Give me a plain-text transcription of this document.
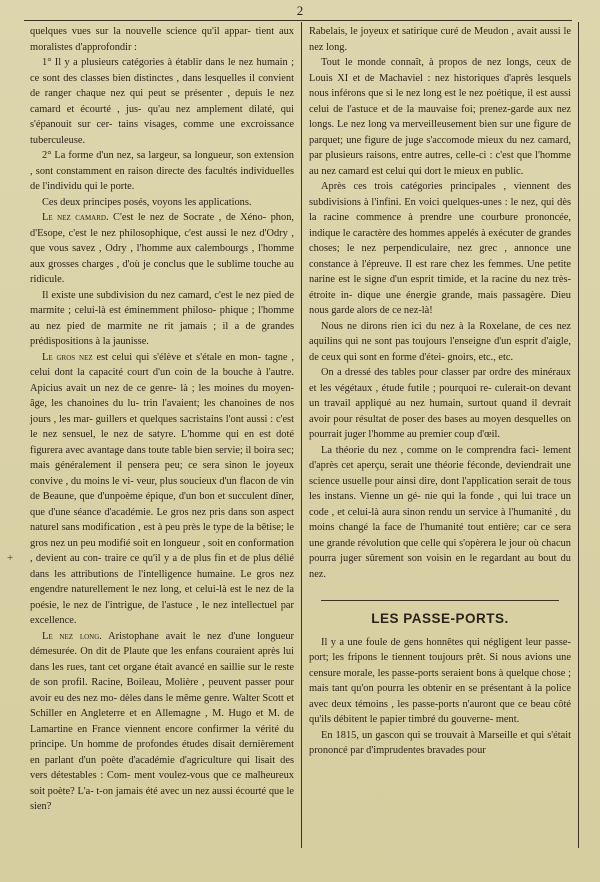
2
+

quelques vues sur la nouvelle science qu'il appar- tient aux moralistes d'approfondir :

1° Il y a plusieurs catégories à établir dans le nez humain ; ce sont des classes bien distinctes , dans lesquelles il convient de ranger chaque nez qui peut se présenter , depuis le nez camard et écourté , jus- qu'au nez amplement dilaté, qui s'épanouit sur cer- tains visages, comme une excroissance tuberculeuse.

2° La forme d'un nez, sa largeur, sa longueur, son extension , sont constamment en raison directe des facultés individuelles de l'individu qui le porte.

Ces deux principes posés, voyons les applications.

Le nez camard. C'est le nez de Socrate , de Xéno- phon, d'Esope, c'est le nez philosophique, c'est aussi le nez d'Odry , que vous savez , Odry , l'homme aux calembourgs , l'homme aux grosses charges , d'où je conclus que le sublime touche au ridicule.

Il existe une subdivision du nez camard, c'est le nez pied de marmite ; celui-là est éminemment philoso- phique ; l'homme au nez pied de marmite ne rit jamais ; il a de grandes prédispositions à la jaunisse.

Le gros nez est celui qui s'élève et s'étale en mon- tagne , celui dont la capacité court d'un coin de la bouche à l'autre. Apicius avait un nez de ce genre- là ; les moines du moyen-âge, les chanoines du lu- trin l'avaient; les chanoines de nos jours , les mar- guillers et quelques sacristains l'ont aussi : c'est le nez sensuel, le nez de satyre. L'homme qui en est doté figurera avec avantage dans toute table bien servie; il boira sec; mais généralement il pensera peu; ce sera sinon le joyeux convive , du moins le vi- veur, plus soucieux d'un flacon de vin de Beaune, que d'unpoème épique, d'un bon et succulent dîner, que d'une séance d'académie. Le gros nez pris dans son aspect naturel sans modification , est à peu près le type de la bêtise; le gros nez un peu modifié soit en longueur , soit en conformation , devient au con- traire ce qu'il y a de plus fin et de plus délié dans les attributions de l'intelligence humaine. Le gros nez engendre naturellement le nez long, et celui-là est le nez de la poésie, le nez de l'intrigue, de l'astuce , le nez intellectuel par excellence.

Le nez long. Aristophane avait le nez d'une longueur démesurée. On dit de Plaute que les enfans couraient après lui dans les rues, tant cet organe était avancé en saillie sur le reste de son profil. Racine, Boileau, Molière , peuvent passer pour avoir eu des nez mo- dèles dans le même genre. Walter Scott et Schiller en Angleterre et en Allemagne , M. Hugo et M. de Lamartine en France viennent encore confirmer la vérité du principe. Un homme de profondes études disait dernièrement en parlant d'un poète d'académie d'agriculture qui lisait des vers détestables : Com- ment voulez-vous que ce malheureux soit poète? L'a- t-on jamais été avec un nez aussi écourté que le sien?

Rabelais, le joyeux et satirique curé de Meudon , avait aussi le nez long.

Tout le monde connaît, à propos de nez longs, ceux de Louis XI et de Machaviel : nez historiques d'après lesquels nous inférons que si le nez long est le nez poétique, il est aussi celui de l'astuce et de la mauvaise foi; prenez-garde aux nez longs. Le nez long va merveilleusement bien sur une figure de parquet; une figure de juge s'accomode mieux du nez camard, par plusieurs raisons, entre autres, celle-ci : c'est que l'homme au nez camard est celui qui dort le mieux en public.

Après ces trois catégories principales , viennent des subdivisions à l'infini. En voici quelques-unes : le nez, qui dès la racine commence à prendre une courbure prononcée, indique le caractère des hommes appelés à exécuter de grandes choses; le nez perpendiculaire, nez grec , annonce une constance à l'épreuve. Il est rare chez les femmes. Une petite narine est le signe d'un esprit timide, et la racine du nez très-étroite in- dique une énergie grande, mais passagère. Dieu nous garde alors de ce nez-là!

Nous ne dirons rien ici du nez à la Roxelane, de ces nez aquilins qui ne sont pas toujours l'enseigne d'un esprit d'aigle, de ceux qui sont en forme d'étei- gnoirs, etc., etc.

On a dressé des tables pour classer par ordre des minéraux et les végétaux , étude futile ; pourquoi re- culerait-on devant un travail appliqué au nez humain, surtout quand il devrait avoir pour résultat de poser des bases au moyen desquelles on pourrait juger l'homme au premier coup d'œil.

La théorie du nez , comme on le comprendra faci- lement d'après cet aperçu, serait une théorie féconde, deviendrait une science usuelle pour ainsi dire, dont l'application serait de tous les instans. Vienne un gé- nie qui la fonde , qui lui trace un code , et celui-là aura sinon rendu un service à l'humanité , du moins changé la face de l'humanité tout entière; car ce sera une grande révolution que celle qui s'opèrera le jour où chacun pourra juger sûrement son voisin en le regardant au bout du nez.

LES PASSE-PORTS.

Il y a une foule de gens honnêtes qui négligent leur passe-port; les fripons le tiennent toujours prêt. Si nous avions une censure morale, les passe-ports seraient bons à quelque chose ; mais tant qu'on pourra les obtenir en se présentant à la police avec deux témoins , les passe-ports n'auront que ce beau côté qu'ils débitent le papier timbré du gouverne- ment.

En 1815, un gascon qui se trouvait à Marseille et qui s'était prononcé par d'imprudentes bravades pour
